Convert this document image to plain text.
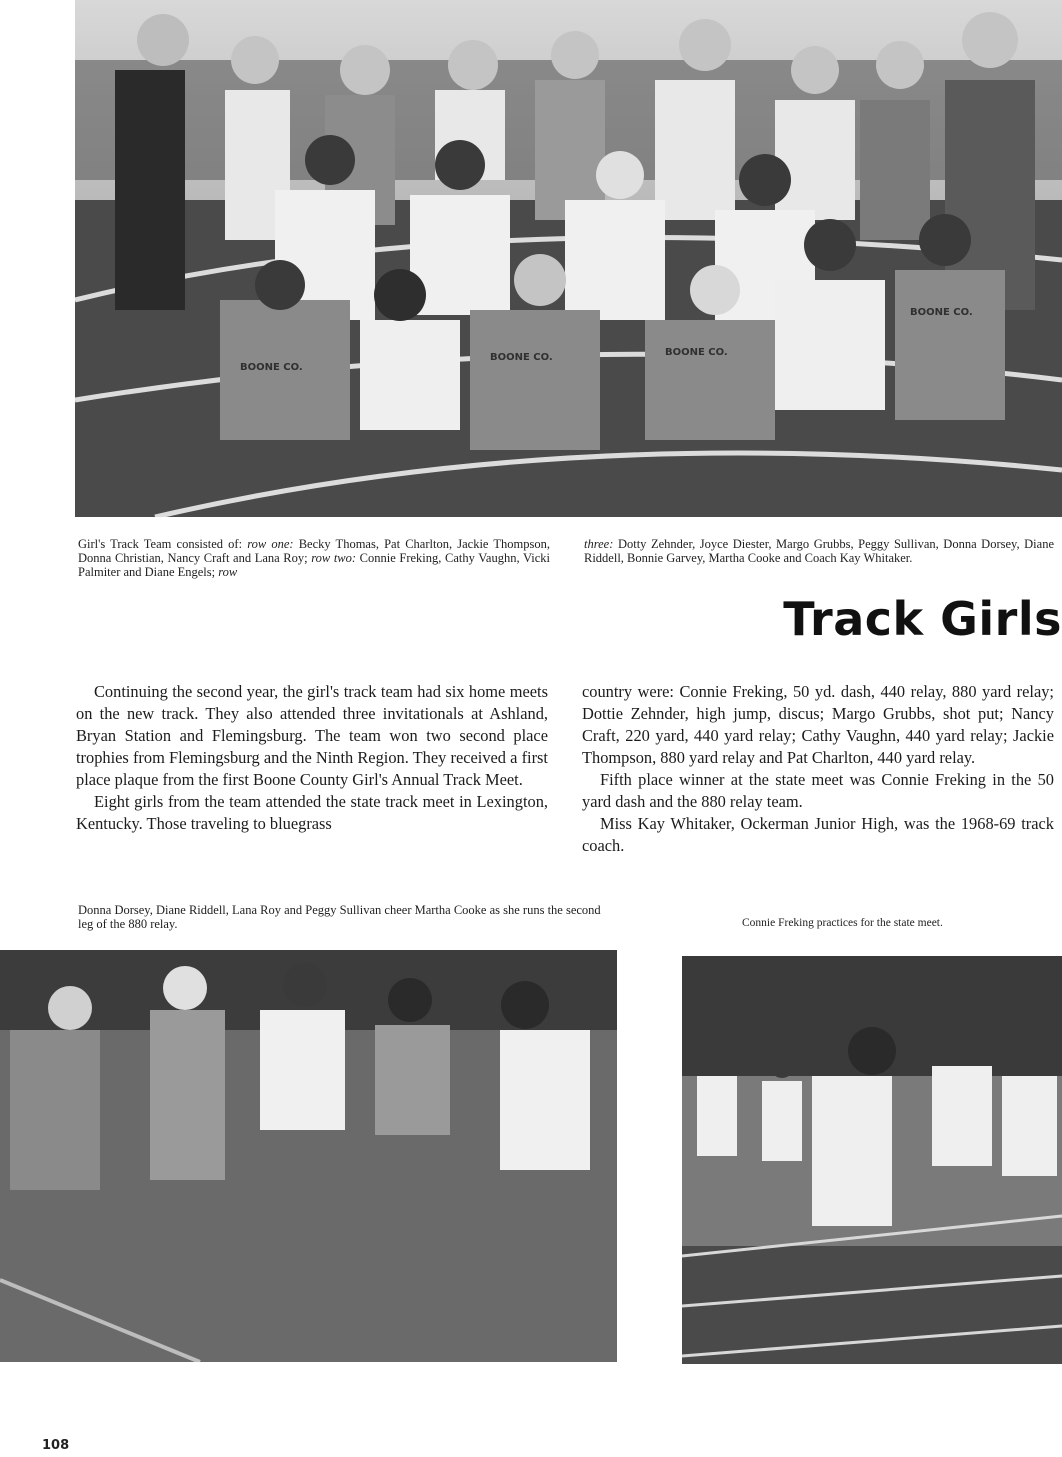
BOONE CO.
BOONE CO.	BOONE CO.
BOONE CO.
Girl's Track Team consisted of: row one: Becky Thomas, Pat Charlton, Jackie Thompson, Donna Christian, Nancy Craft and Lana Roy; row two: Connie Freking, Cathy Vaughn, Vicki Palmiter and Diane Engels; row
three: Dotty Zehnder, Joyce Diester, Margo Grubbs, Peggy Sullivan, Donna Dorsey, Diane Riddell, Bonnie Garvey, Martha Cooke and Coach Kay Whitaker.
Track Girls

Continuing the second year, the girl's track team had six home meets on the new track. They also attended three invitationals at Ashland, Bryan Station and Flemingsburg. The team won two second place trophies from Flemingsburg and the Ninth Region. They received a first place plaque from the first Boone County Girl's Annual Track Meet.

Eight girls from the team attended the state track meet in Lexington, Kentucky. Those traveling to bluegrass

country were: Connie Freking, 50 yd. dash, 440 relay, 880 yard relay; Dottie Zehnder, high jump, discus; Margo Grubbs, shot put; Nancy Craft, 220 yard, 440 yard relay; Cathy Vaughn, 440 yard relay; Jackie Thompson, 880 yard relay and Pat Charlton, 440 yard relay.

Fifth place winner at the state meet was Connie Freking in the 50 yard dash and the 880 relay team.

Miss Kay Whitaker, Ockerman Junior High, was the 1968-69 track coach.

Donna Dorsey, Diane Riddell, Lana Roy and Peggy Sullivan cheer Martha Cooke as she runs the second leg of the 880 relay.	Connie Freking practices for the state meet.
108
